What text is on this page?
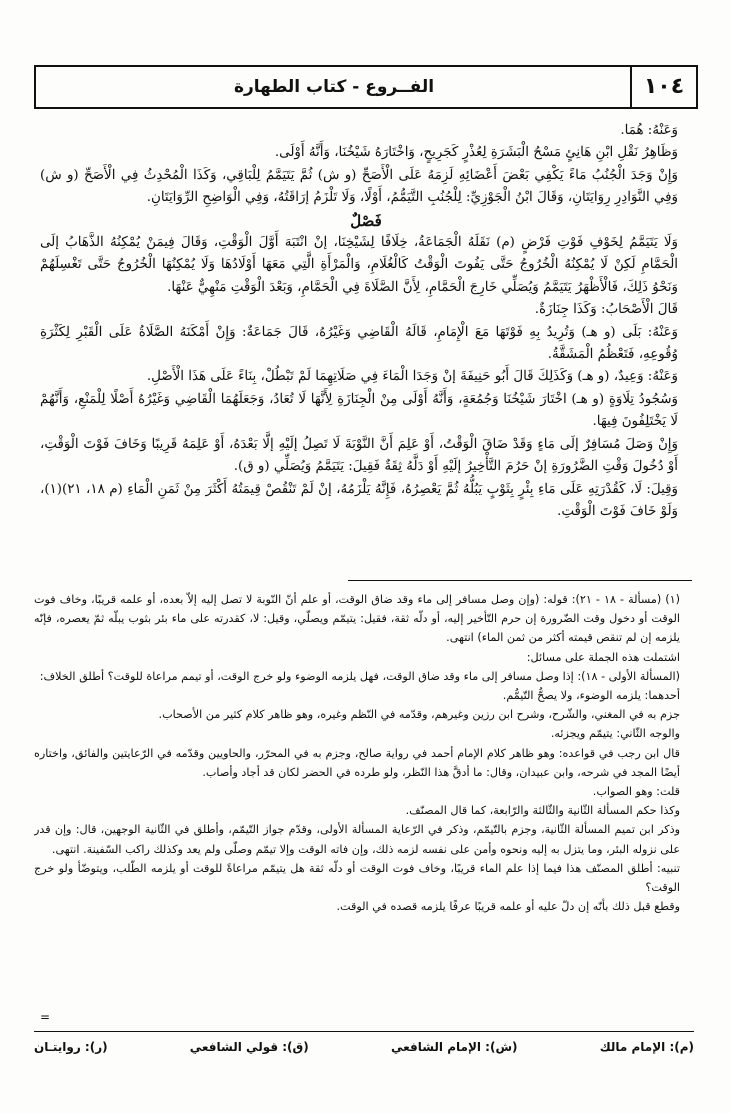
١٠٤
الفــروع - كتاب الطهارة

وَعَنْهُ: هُمَا.

وَظَاهِرُ نَقْلِ ابْنِ هَانِئٍ مَسْحُ الْبَشَرَةِ لِعُذْرٍ كَجَرِيحٍ، وَاخْتَارَهُ شَيْخُنَا، وَأَنَّهُ أَوْلَى.

وَإِنْ وَجَدَ الْجُنُبُ مَاءً يَكْفِي بَعْضَ أَعْضَائِهِ لَزِمَهُ عَلَى الْأَصَحِّ (و ش) ثُمَّ يَتَيَمَّمُ لِلْبَاقِي، وَكَذَا الْمُحْدِثُ فِي الْأَصَحِّ (و ش) وَفِي النَّوَادِرِ رِوَايَتَانِ، وَقَالَ ابْنُ الْجَوْزِيِّ: لِلْجُنُبِ التَّيَمُّمُ، أَوْلًا، وَلَا تَلْزَمُ إرَاقَتُهُ، وَفِي الْوَاضِحِ الرِّوَايَتَانِ.

فَصْلٌ

وَلَا يَتَيَمَّمُ لِخَوْفِ فَوْتِ فَرْضٍ (م) نَقَلَهُ الْجَمَاعَةُ، خِلَافًا لِشَيْخِنَا، إنْ انْتَبَهَ أَوَّلَ الْوَقْتِ، وَقَالَ فِيمَنْ يُمْكِنُهُ الذَّهَابُ إلَى الْحَمَّامِ لَكِنْ لَا يُمْكِنُهُ الْخُرُوجُ حَتَّى يَفُوتَ الْوَقْتُ كَالْغُلَامِ، وَالْمَرْأَةِ الَّتِي مَعَهَا أَوْلَادُهَا وَلَا يُمْكِنُهَا الْخُرُوجُ حَتَّى تَغْسِلَهُمْ وَنَحْوُ ذَلِكَ، فَالْأَظْهَرُ يَتَيَمَّمُ وَيُصَلِّي خَارِجَ الْحَمَّامِ، لِأَنَّ الصَّلَاةَ فِي الْحَمَّامِ، وَبَعْدَ الْوَقْتِ مَنْهِيٌّ عَنْهَا.

قَالَ الْأَصْحَابُ: وَكَذَا جِنَازَةٌ.

وَعَنْهُ: بَلَى (و هـ) وَتُرِيدُ بِهِ فَوْتَهَا مَعَ الْإِمَامِ، قَالَهُ الْقَاضِي وَغَيْرُهُ، قَالَ جَمَاعَةٌ: وَإِنْ أَمْكَنَهُ الصَّلَاةُ عَلَى الْقَبْرِ لِكَثْرَةِ وُقُوعِهِ، فَتَعْظُمُ الْمَشَقَّةُ.

وَعَنْهُ: وَعِيدٌ، (و هـ) وَكَذَلِكَ قَالَ أَبُو حَنِيفَةَ إنْ وَجَدَا الْمَاءَ فِي صَلَاتِهِمَا لَمْ تَبْطُلْ، بِنَاءً عَلَى هَذَا الْأَصْلِ.

وَسُجُودُ تِلَاوَةٍ (و هـ) اخْتَارَ شَيْخُنَا وَجُمُعَةٍ، وَأَنَّهُ أَوْلَى مِنْ الْجِنَازَةِ لِأَنَّهَا لَا تُعَادُ، وَجَعَلَهُمَا الْقَاضِي وَغَيْرُهُ أَصْلًا لِلْمَنْعِ، وَأَنَّهُمْ لَا يَخْتَلِفُونَ فِيهَا.

وَإِنْ وَصَلَ مُسَافِرٌ إلَى مَاءٍ وَقَدْ ضَاقَ الْوَقْتُ، أَوْ عَلِمَ أَنَّ النَّوْبَةَ لَا تَصِلُ إلَيْهِ إلَّا بَعْدَهُ، أَوْ عَلِمَهُ قَرِيبًا وَخَافَ فَوْتَ الْوَقْتِ، أَوْ دُخُولَ وَقْتِ الضَّرُورَةِ إنْ حَرُمَ التَّأْخِيرُ إلَيْهِ أَوْ دَلَّهُ ثِقَةٌ فَقِيلَ: يَتَيَمَّمُ وَيُصَلِّي (و ق).

وَقِيلَ: لَا، كَقُدْرَتِهِ عَلَى مَاءِ بِئْرٍ بِثَوْبٍ يَبُلُّهُ ثُمَّ يَعْصِرُهُ، فَإِنَّهُ يَلْزَمُهُ، إنْ لَمْ تَنْقُصْ قِيمَتُهُ أَكْثَرَ مِنْ ثَمَنِ الْمَاءِ (م ١٨، ٢١)(١)، وَلَوْ خَافَ فَوْتَ الْوَقْتِ.

(١) (مسألة - ١٨ - ٢١): قوله: (وإن وصل مسافر إلى ماء وقد ضاق الوقت، أو علم أنّ النّوبة لا تصل إليه إلاّ بعده، أو علمه قريبًا، وخاف فوت الوقت أو دخول وقت الضّرورة إن حرم التّأخير إليه، أو دلّه ثقة، فقيل: يتيمّم ويصلّي، وقيل: لا، كقدرته على ماء بئر بثوب يبلّه ثمّ يعصره، فإنّه يلزمه إن لم تنقص قيمته أكثر من ثمن الماء) انتهى.

اشتملت هذه الجملة على مسائل:

(المسألة الأولى - ١٨): إذا وصل مسافر إلى ماء وقد ضاق الوقت، فهل يلزمه الوضوء ولو خرج الوقت، أو تيمم مراعاة للوقت؟ أطلق الخلاف:

أحدهما: يلزمه الوضوء، ولا يصحُّ التّيمُّم.

جزم به في المغني، والشّرح، وشرح ابن رزين وغيرهم، وقدّمه في النّظم وغيره، وهو ظاهر كلام كثير من الأصحاب.

والوجه الثّاني: يتيمّم ويجزئه.

قال ابن رجب في قواعده: وهو ظاهر كلام الإمام أحمد في رواية صالح، وجزم به في المحرّر، والحاويين وقدّمه في الرّعايتين والفائق، واختاره أيضًا المجد في شرحه، وابن عبيدان، وقال: ما أدقَّ هذا النّظر، ولو طرده في الحضر لكان قد أجاد وأصاب.

قلت: وهو الصواب.

وكذا حكم المسألة الثّانية والثّالثة والرّابعة، كما قال المصنّف.

وذكر ابن تميم المسألة الثّانية، وجزم بالتّيمّم، وذكر في الرّعاية المسألة الأولى، وقدّم جواز التّيمّم، وأطلق في الثّانية الوجهين، قال: وإن قدر على نزوله البئر، وما يتزل به إليه ونحوه وأمن على نفسه لزمه ذلك، وإن فاته الوقت وإلا تيمّم وصلّى ولم يعد وكذلك راكب السّفينة. انتهى.

تنبيه: أطلق المصنّف هذا فيما إذا علم الماء قريبًا، وخاف فوت الوقت أو دلّه ثقة هل يتيمّم مراعاةً للوقت أو يلزمه الطّلب، ويتوضّأ ولو خرج الوقت؟

وقطع قبل ذلك بأنّه إن دلّ عليه أو علمه قريبًا عرفًا يلزمه قصده في الوقت.

=
(م): الإمام مالك
(ش): الإمام الشافعي
(ق): قولي الشافعي
(ر): روايتـان
